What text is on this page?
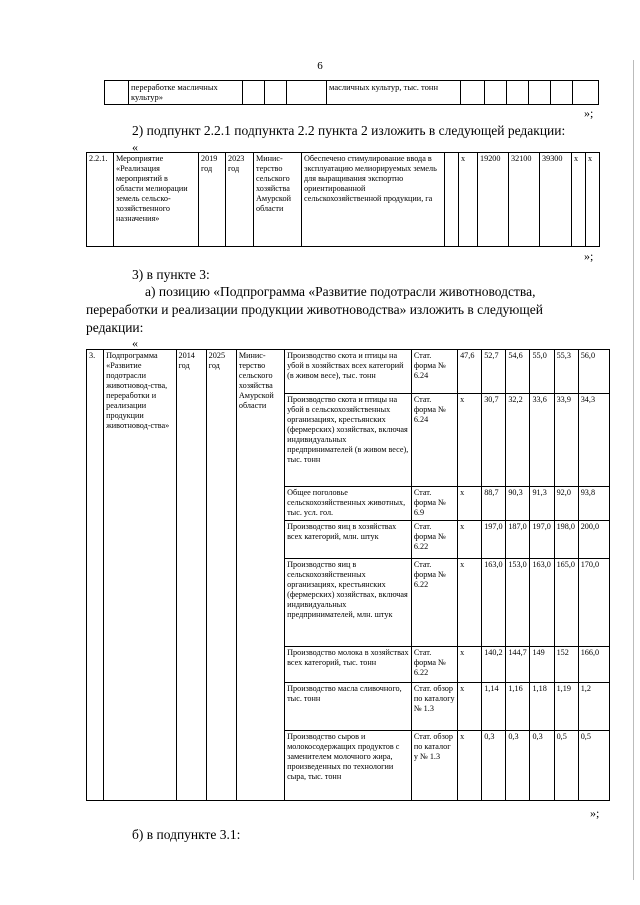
6
	переработке масличных культур»				масличных культур, тыс. тонн						
»;
2) подпункт 2.2.1 подпункта 2.2 пункта 2 изложить в следующей редакции:
«
2.2.1.	Мероприятие «Реализация мероприятий в области мелиорации земель сельско-хозяйственного назначения»	2019 год	2023 год	Минис-терство сельского хозяйства Амурской области	Обеспечено стимулирование ввода в эксплуатацию мелиорируемых земель для выращивания экспортно ориентированной сельскохозяйственной продукции, га		x	19200	32100	39300	x	x
»;
3) в пункте 3:
а) позицию «Подпрограмма «Развитие подотрасли животноводства,
переработки и реализации продукции животноводства» изложить в следующей
редакции:
«
3.	Подпрограмма «Развитие подотрасли животновод-ства, переработки и реализации продукции животновод-ства»	2014 год	2025 год	Минис-терство сельского хозяйства Амурской области	Производство скота и птицы на убой в хозяйствах всех категорий (в живом весе), тыс. тонн	Стат. форма № 6.24	47,6	52,7	54,6	55,0	55,3	56,0
					Производство скота и птицы на убой в сельскохозяйственных организациях, крестьянских (фермерских) хозяйствах, включая индивидуальных предпринимателей (в живом весе), тыс. тонн	Стат. форма № 6.24	x	30,7	32,2	33,6	33,9	34,3
					Общее поголовье сельскохозяйственных животных, тыс. усл. гол.	Стат. форма № 6.9	x	88,7	90,3	91,3	92,0	93,8
					Производство яиц в хозяйствах всех категорий, млн. штук	Стат. форма № 6.22	x	197,0	187,0	197,0	198,0	200,0
					Производство яиц в сельскохозяйственных организациях, крестьянских (фермерских) хозяйствах, включая индивидуальных предпринимателей, млн. штук	Стат. форма № 6.22	x	163,0	153,0	163,0	165,0	170,0
					Производство молока в хозяйствах всех категорий, тыс. тонн	Стат. форма № 6.22	x	140,2	144,7	149	152	166,0
					Производство масла сливочного, тыс. тонн	Стат. обзор по каталогу № 1.3	x	1,14	1,16	1,18	1,19	1,2
					Производство сыров и молокосодержащих продуктов с заменителем молочного жира, произведенных по технологии сыра, тыс. тонн	Стат. обзор по каталог у № 1.3	x	0,3	0,3	0,3	0,5	0,5
»;
б) в подпункте 3.1:
